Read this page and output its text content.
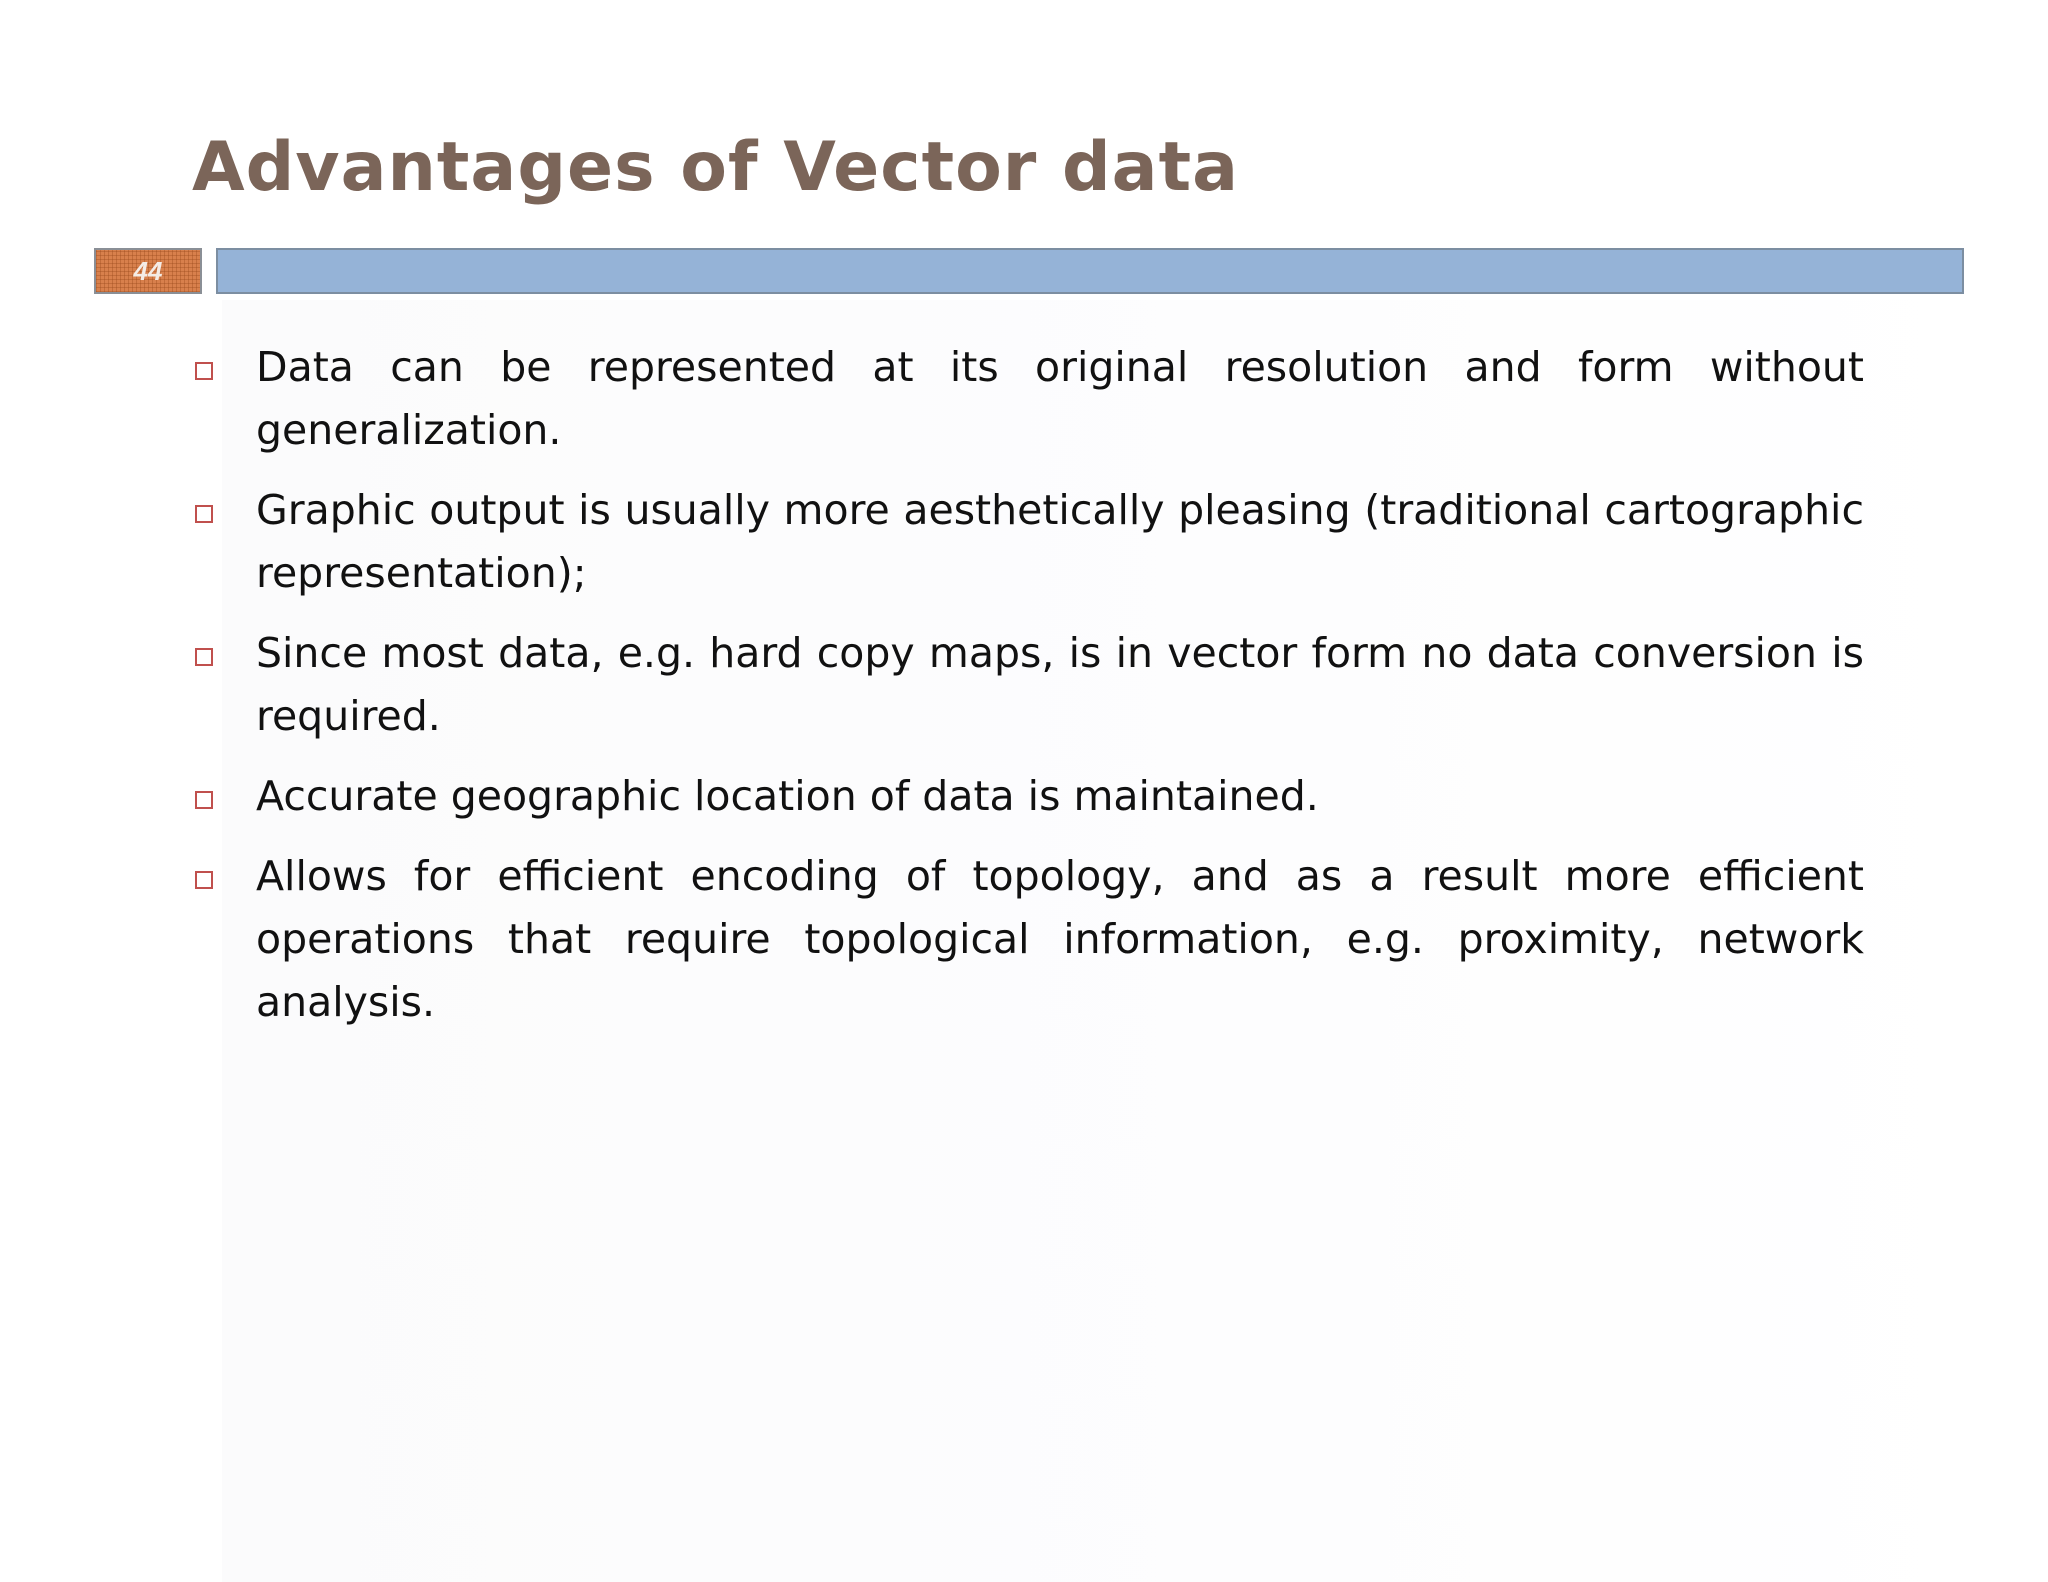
Advantages of Vector data
44
Data can be represented at its original resolution and form without generalization.
Graphic output is usually more aesthetically pleasing (traditional cartographic representation);
Since most data, e.g. hard copy maps, is in vector form no data conversion is required.
Accurate geographic location of data is maintained.
Allows for efficient encoding of topology, and as a result more efficient operations that require topological information, e.g. proximity, network analysis.
